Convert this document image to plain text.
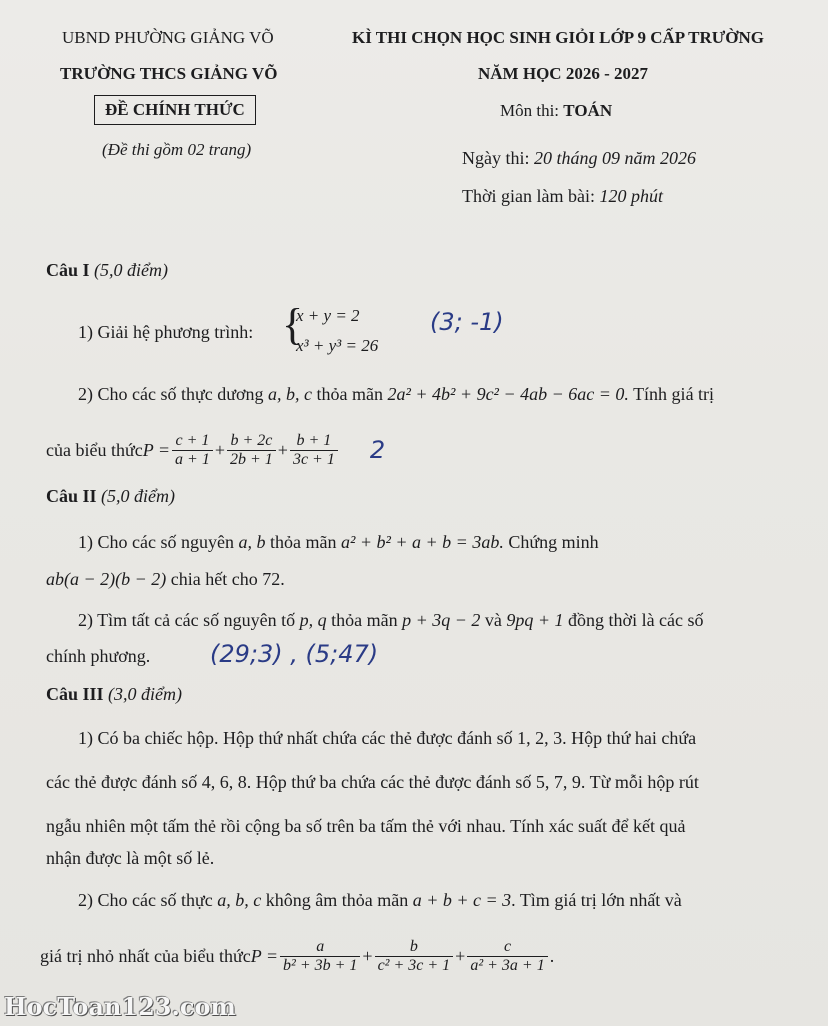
UBND PHƯỜNG GIẢNG VÕ
TRƯỜNG THCS GIẢNG VÕ
ĐỀ CHÍNH THỨC
(Đề thi gồm 02 trang)
KÌ THI CHỌN HỌC SINH GIỎI LỚP 9 CẤP TRƯỜNG
NĂM HỌC 2026 - 2027
Môn thi: TOÁN
Ngày thi: 20 tháng 09 năm 2026
Thời gian làm bài: 120 phút
Câu I (5,0 điểm)
1) Giải hệ phương trình: {
x + y = 2
x³ + y³ = 26
(3; -1)
2) Cho các số thực dương a, b, c thỏa mãn 2a² + 4b² + 9c² − 4ab − 6ac = 0. Tính giá trị
của biểu thức $P = \frac{c + 1}{a + 1} + \frac{b + 2c}{2b + 1} + \frac{b + 1}{3c + 1} 2$
Câu II (5,0 điểm)
1) Cho các số nguyên a, b thỏa mãn a² + b² + a + b = 3ab. Chứng minh
ab(a − 2)(b − 2) chia hết cho 72.
2) Tìm tất cả các số nguyên tố p, q thỏa mãn p + 3q − 2 và 9pq + 1 đồng thời là các số
chính phương. (29;3) , (5;47)
Câu III (3,0 điểm)
1) Có ba chiếc hộp. Hộp thứ nhất chứa các thẻ được đánh số 1, 2, 3. Hộp thứ hai chứa
các thẻ được đánh số 4, 6, 8. Hộp thứ ba chứa các thẻ được đánh số 5, 7, 9. Từ mỗi hộp rút
ngẫu nhiên một tấm thẻ rồi cộng ba số trên ba tấm thẻ với nhau. Tính xác suất để kết quả
nhận được là một số lẻ.
2) Cho các số thực a, b, c không âm thỏa mãn a + b + c = 3. Tìm giá trị lớn nhất và
giá trị nhỏ nhất của biểu thức $P = \frac{a}{\text{b² + 3b + 1}} + \frac{b}{\text{c² + 3c + 1}} + \frac{c}{\text{a² + 3a + 1}}$ .
HocToan123.com
